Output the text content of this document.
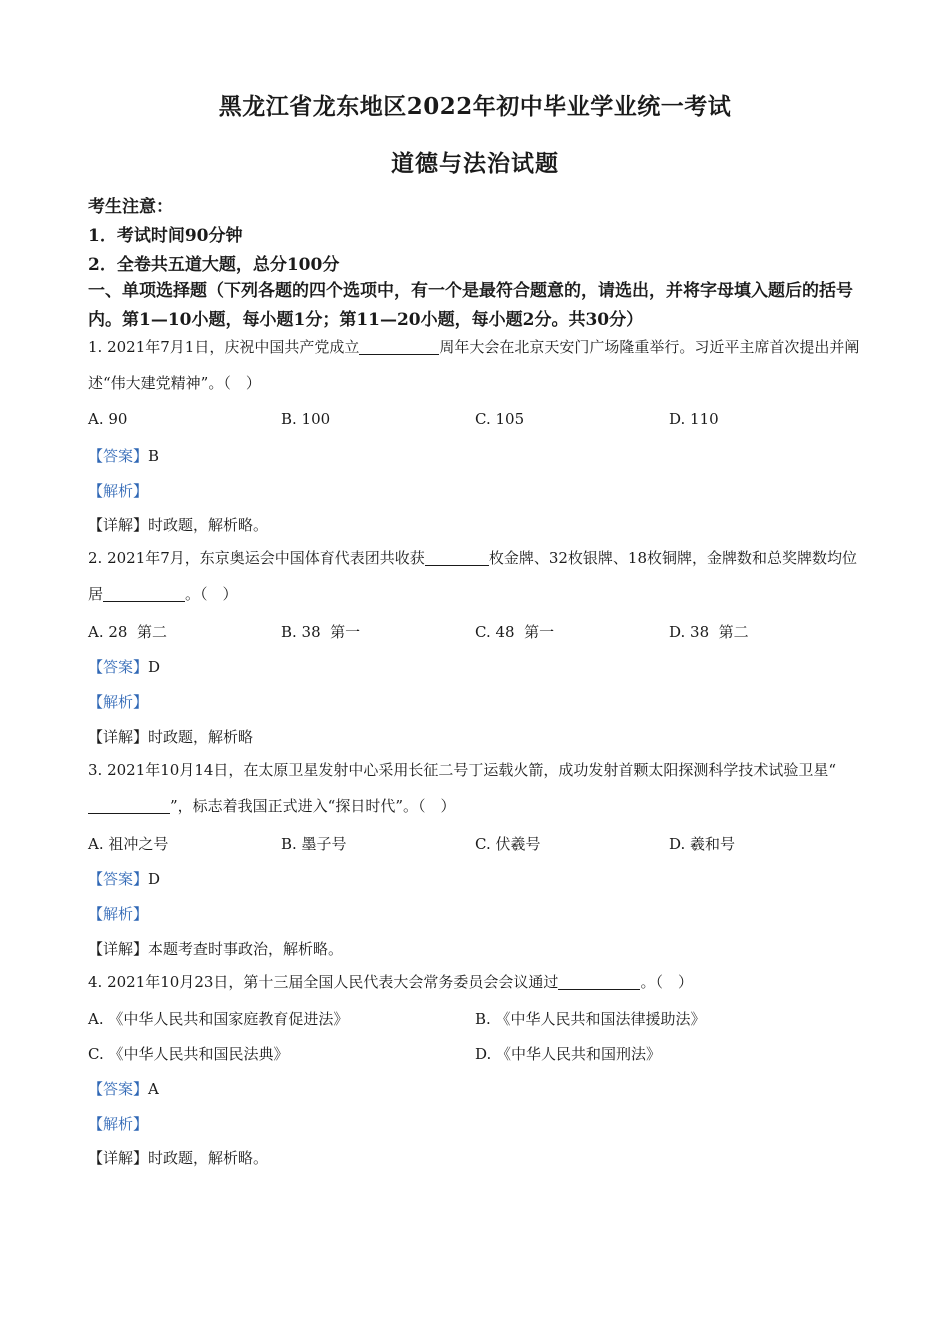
黑龙江省龙东地区2022年初中毕业学业统一考试
道德与法治试题
考生注意：
1．考试时间90分钟
2．全卷共五道大题，总分100分
一、单项选择题（下列各题的四个选项中，有一个是最符合题意的，请选出，并将字母填入题后的括号内。第1—10小题，每小题1分；第11—20小题，每小题2分。共30分）
1. 2021年7月1日，庆祝中国共产党成立	周年大会在北京天安门广场隆重举行。习近平主席首次提出并阐述“伟大建党精神”。（　）
A. 90	B. 100	C. 105	D. 110
【答案】B
【解析】
【详解】时政题，解析略。
2. 2021年7月，东京奥运会中国体育代表团共收获	枚金牌、32枚银牌、18枚铜牌，金牌数和总奖牌数均位居	。（　）
A. 28  第二	B. 38  第一	C. 48  第一	D. 38  第二
【答案】D
【解析】
【详解】时政题，解析略
3. 2021年10月14日，在太原卫星发射中心采用长征二号丁运载火箭，成功发射首颗太阳探测科学技术试验卫星“”，标志着我国正式进入“探日时代”。（　）
A. 祖冲之号	B. 墨子号	C. 伏羲号	D. 羲和号
【答案】D
【解析】
【详解】本题考查时事政治，解析略。
4. 2021年10月23日，第十三届全国人民代表大会常务委员会会议通过	。（　）
A. 《中华人民共和国家庭教育促进法》	B. 《中华人民共和国法律援助法》
C. 《中华人民共和国民法典》	D. 《中华人民共和国刑法》
【答案】A
【解析】
【详解】时政题，解析略。
